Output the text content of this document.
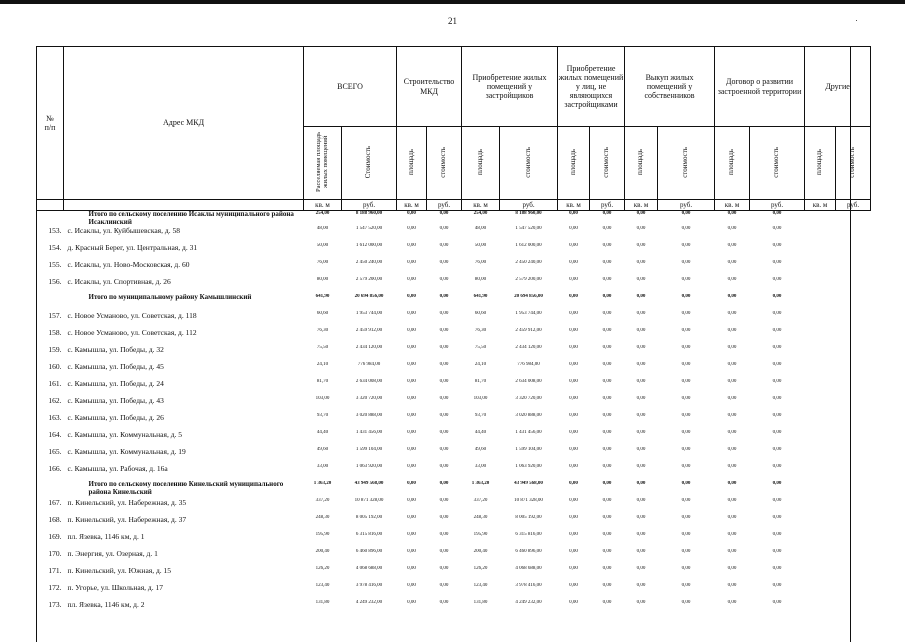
21
№
п/п	Адрес МКД	ВСЕГО		Строительство МКД		Приобретение жилых помещений у застройщиков		Приобретение жилых помещений у лиц, не являющихся застройщиками		Выкуп жилых помещений у собственников		Договор о развитии застроенной территории		Другие	
		Расселяемая площадь жилых помещений	Стоимость	площадь	стоимость	площадь	стоимость	площадь	стоимость	площадь	стоимость	площадь	стоимость	площадь	стоимость
		кв. м	руб.	кв. м	руб.	кв. м	руб.	кв. м	руб.	кв. м	руб.	кв. м	руб.	кв. м	руб.
	Итого по сельскому поселению Исаклы муниципального района Исаклинский	254,00	8 188 960,00	0,00	0,00	254,00	8 188 960,00	0,00	0,00	0,00	0,00	0,00	0,00		
153.	с. Исаклы, ул. Куйбышевская, д. 58	48,00	1 547 520,00	0,00	0,00	48,00	1 547 520,00	0,00	0,00	0,00	0,00	0,00	0,00		
154.	д. Красный Берег, ул. Центральная, д. 31	50,00	1 612 000,00	0,00	0,00	50,00	1 612 000,00	0,00	0,00	0,00	0,00	0,00	0,00		
155.	с. Исаклы, ул. Ново-Московская, д. 60	76,00	2 450 240,00	0,00	0,00	76,00	2 450 240,00	0,00	0,00	0,00	0,00	0,00	0,00		
156.	с. Исаклы, ул. Спортивная, д. 26	80,00	2 579 200,00	0,00	0,00	80,00	2 579 200,00	0,00	0,00	0,00	0,00	0,00	0,00		
	Итого по муниципальному району Камышлинский	641,90	20 694 856,00	0,00	0,00	641,90	20 694 856,00	0,00	0,00	0,00	0,00	0,00	0,00		
157.	с. Новое Усманово, ул. Советская, д. 118	60,60	1 953 744,00	0,00	0,00	60,60	1 953 744,00	0,00	0,00	0,00	0,00	0,00	0,00		
158.	с. Новое Усманово, ул. Советская, д. 112	76,30	2 459 912,00	0,00	0,00	76,30	2 459 912,00	0,00	0,00	0,00	0,00	0,00	0,00		
159.	с. Камышла, ул. Победы, д. 32	75,50	2 434 120,00	0,00	0,00	75,50	2 434 120,00	0,00	0,00	0,00	0,00	0,00	0,00		
160.	с. Камышла, ул. Победы, д. 45	24,10	776 984,00	0,00	0,00	24,10	776 984,00	0,00	0,00	0,00	0,00	0,00	0,00		
161.	с. Камышла, ул. Победы, д. 24	81,70	2 634 008,00	0,00	0,00	81,70	2 634 008,00	0,00	0,00	0,00	0,00	0,00	0,00		
162.	с. Камышла, ул. Победы, д. 43	103,00	3 320 720,00	0,00	0,00	103,00	3 320 720,00	0,00	0,00	0,00	0,00	0,00	0,00		
163.	с. Камышла, ул. Победы, д. 26	93,70	3 020 888,00	0,00	0,00	93,70	3 020 888,00	0,00	0,00	0,00	0,00	0,00	0,00		
164.	с. Камышла, ул. Коммунальная, д. 5	44,40	1 431 456,00	0,00	0,00	44,40	1 431 456,00	0,00	0,00	0,00	0,00	0,00	0,00		
165.	с. Камышла, ул. Коммунальная, д. 19	49,60	1 599 104,00	0,00	0,00	49,60	1 599 104,00	0,00	0,00	0,00	0,00	0,00	0,00		
166.	с. Камышла, ул. Рабочая, д. 16а	33,00	1 063 920,00	0,00	0,00	33,00	1 063 920,00	0,00	0,00	0,00	0,00	0,00	0,00		
	Итого по сельскому поселению Кинельский муниципального района Кинельский	1 363,20	43 949 568,00	0,00	0,00	1 363,20	43 949 568,00	0,00	0,00	0,00	0,00	0,00	0,00		
167.	п. Кинельский, ул. Набережная, д. 35	337,20	10 871 328,00	0,00	0,00	337,20	10 871 328,00	0,00	0,00	0,00	0,00	0,00	0,00		
168.	п. Кинельский, ул. Набережная, д. 37	248,30	8 005 192,00	0,00	0,00	248,30	8 005 192,00	0,00	0,00	0,00	0,00	0,00	0,00		
169.	пл. Язевка, 1146 км, д. 1	195,90	6 315 816,00	0,00	0,00	195,90	6 315 816,00	0,00	0,00	0,00	0,00	0,00	0,00		
170.	п. Энергия, ул. Озерная, д. 1	200,40	6 460 896,00	0,00	0,00	200,40	6 460 896,00	0,00	0,00	0,00	0,00	0,00	0,00		
171.	п. Кинельский, ул. Южная, д. 15	126,20	4 068 688,00	0,00	0,00	126,20	4 068 688,00	0,00	0,00	0,00	0,00	0,00	0,00		
172.	п. Угорье, ул. Школьная, д. 17	123,40	3 978 416,00	0,00	0,00	123,40	3 978 416,00	0,00	0,00	0,00	0,00	0,00	0,00		
173.	пл. Язевка, 1146 км, д. 2	131,80	4 249 232,00	0,00	0,00	131,80	4 249 232,00	0,00	0,00	0,00	0,00	0,00	0,00		
